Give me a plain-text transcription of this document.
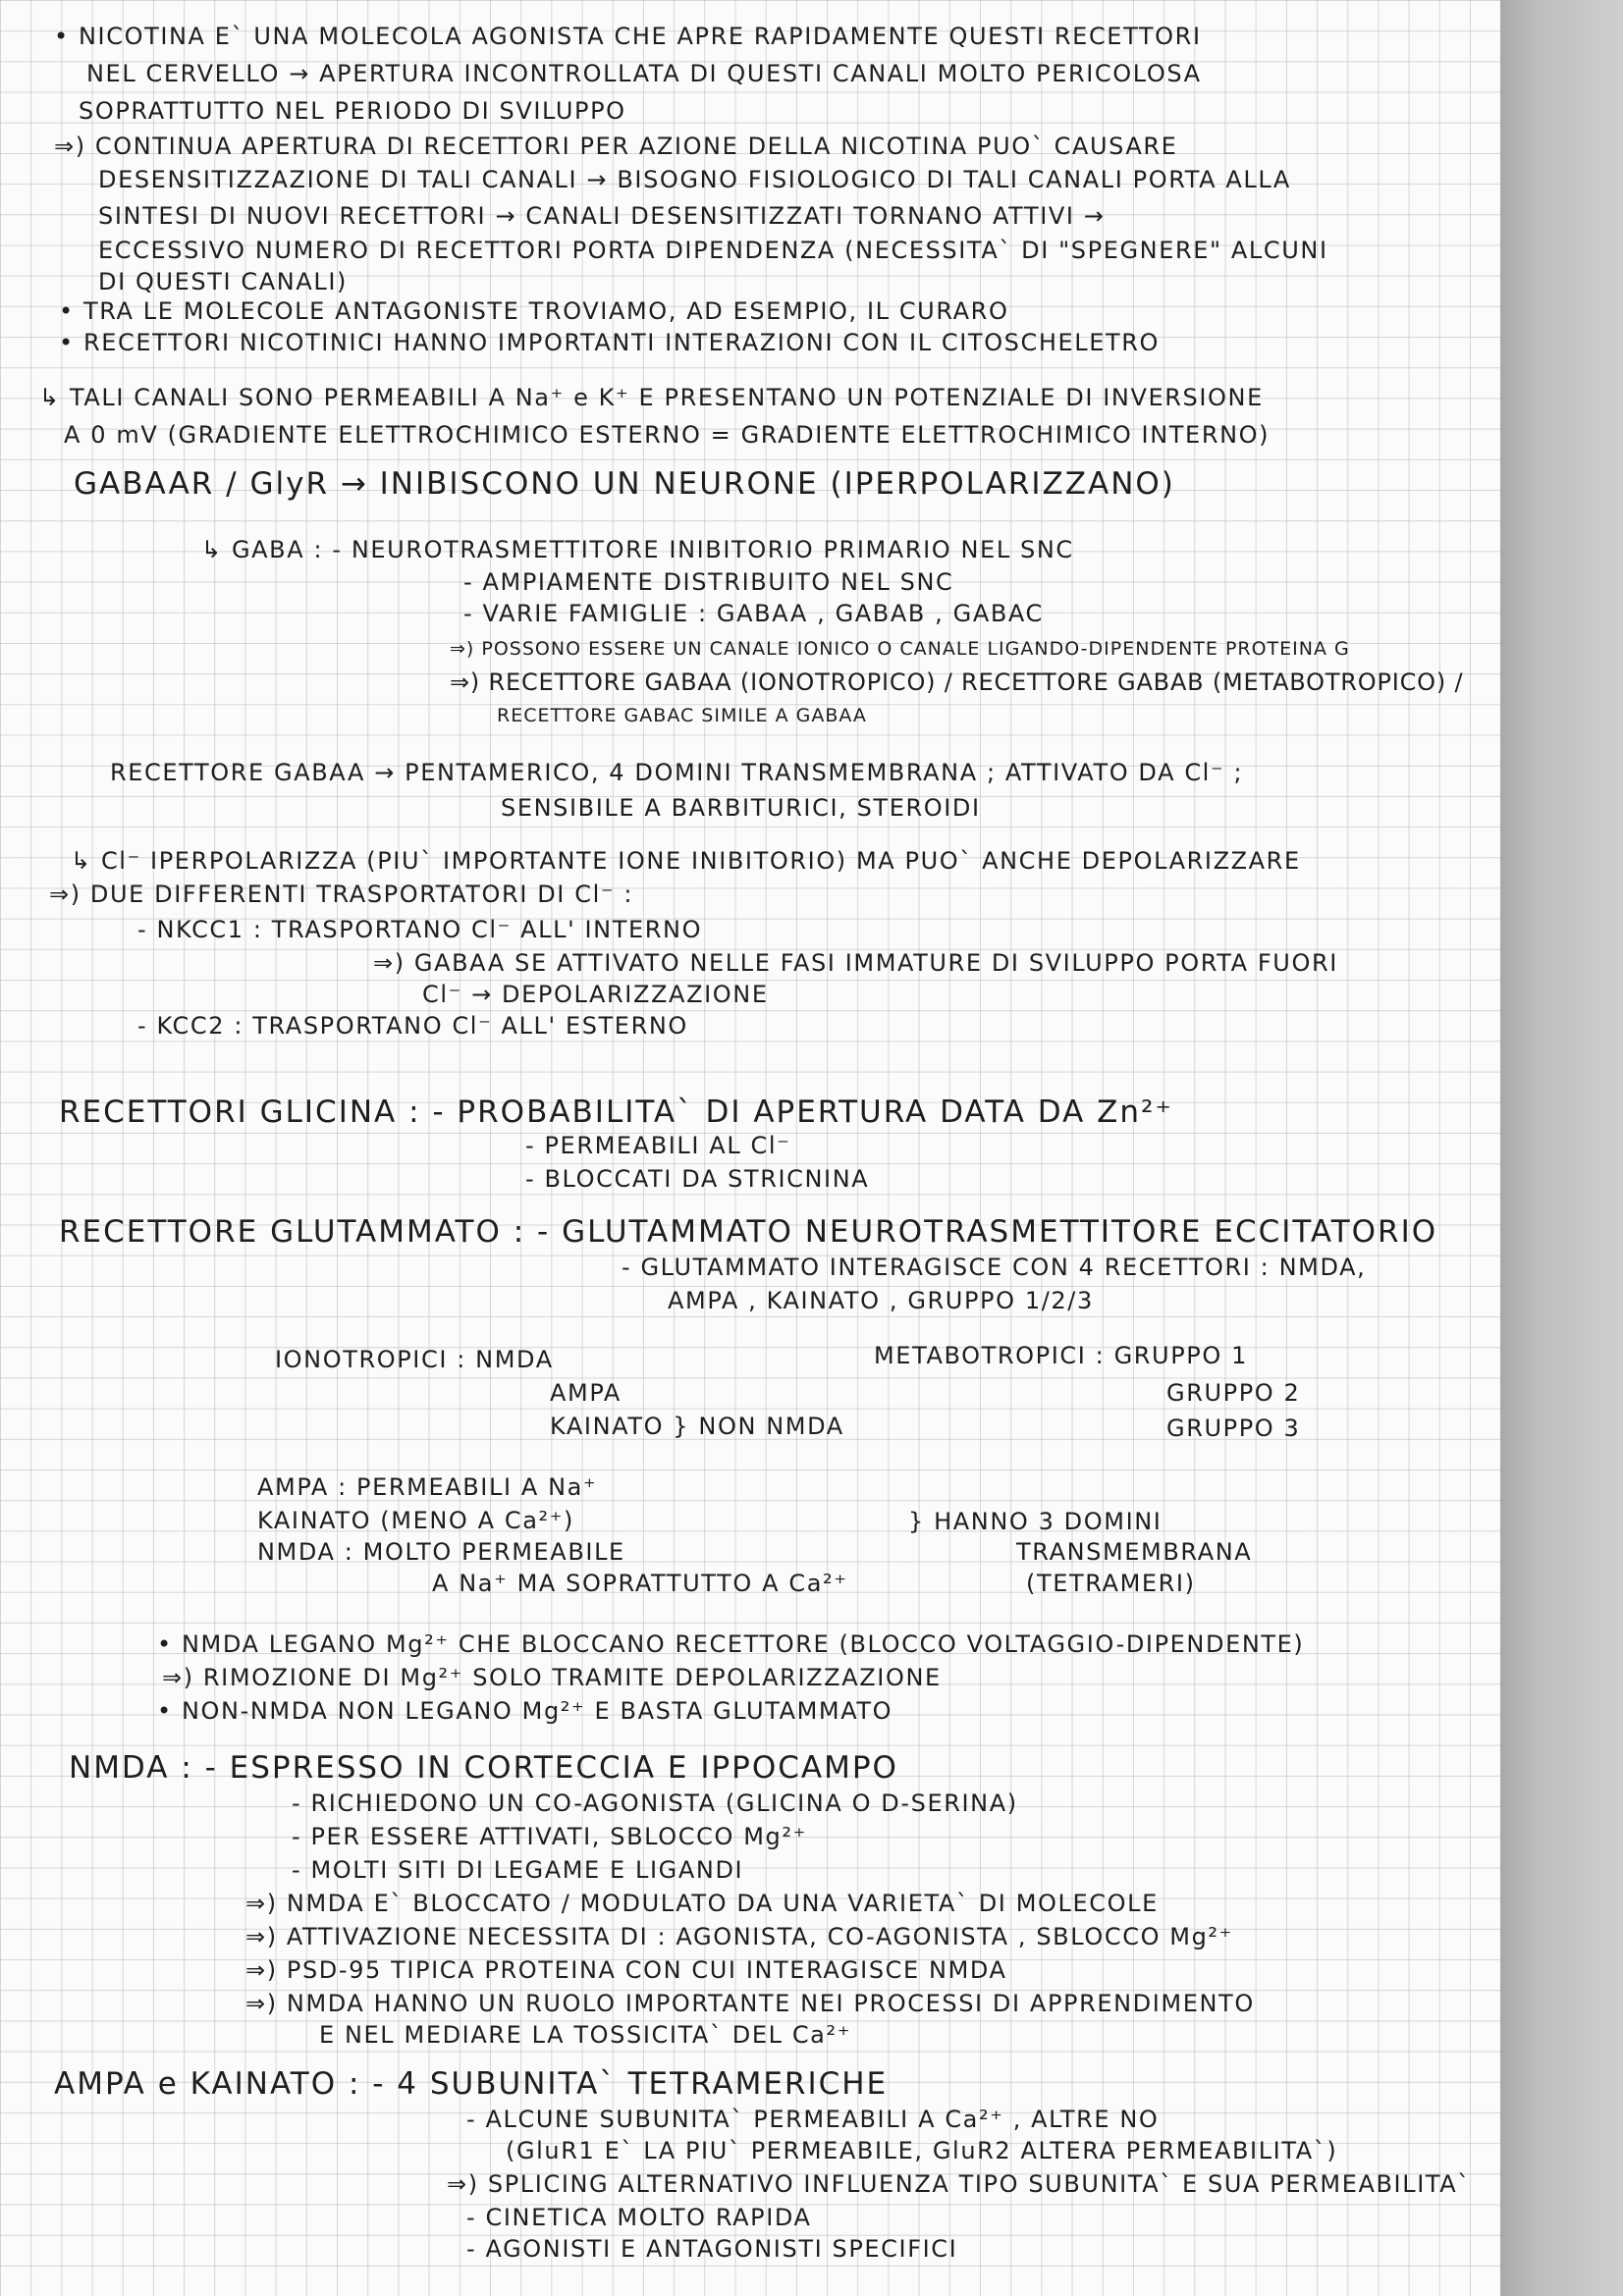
• NICOTINA E` UNA MOLECOLA AGONISTA CHE APRE RAPIDAMENTE QUESTI RECETTORI
NEL CERVELLO → APERTURA INCONTROLLATA DI QUESTI CANALI MOLTO PERICOLOSA
SOPRATTUTTO NEL PERIODO DI SVILUPPO
⇒) CONTINUA APERTURA DI RECETTORI PER AZIONE DELLA NICOTINA PUO` CAUSARE
DESENSITIZZAZIONE DI TALI CANALI → BISOGNO FISIOLOGICO DI TALI CANALI PORTA ALLA
SINTESI DI NUOVI RECETTORI → CANALI DESENSITIZZATI TORNANO ATTIVI →
ECCESSIVO NUMERO DI RECETTORI PORTA DIPENDENZA (NECESSITA` DI "SPEGNERE" ALCUNI
DI QUESTI CANALI)
• TRA LE MOLECOLE ANTAGONISTE TROVIAMO, AD ESEMPIO, IL CURARO
• RECETTORI NICOTINICI HANNO IMPORTANTI INTERAZIONI CON IL CITOSCHELETRO
↳ TALI CANALI SONO PERMEABILI A Na⁺ e K⁺ E PRESENTANO UN POTENZIALE DI INVERSIONE
A 0 mV (GRADIENTE ELETTROCHIMICO ESTERNO = GRADIENTE ELETTROCHIMICO INTERNO)
GABAAR / GlyR → INIBISCONO UN NEURONE (IPERPOLARIZZANO)
↳ GABA : - NEUROTRASMETTITORE INIBITORIO PRIMARIO NEL SNC
- AMPIAMENTE DISTRIBUITO NEL SNC
- VARIE FAMIGLIE : GABAA , GABAB , GABAC
⇒) POSSONO ESSERE UN CANALE IONICO O CANALE LIGANDO-DIPENDENTE PROTEINA G
⇒) RECETTORE GABAA (IONOTROPICO) / RECETTORE GABAB (METABOTROPICO) /
RECETTORE GABAC SIMILE A GABAA
RECETTORE GABAA → PENTAMERICO, 4 DOMINI TRANSMEMBRANA ; ATTIVATO DA Cl⁻ ;
SENSIBILE A BARBITURICI, STEROIDI
↳ Cl⁻ IPERPOLARIZZA (PIU` IMPORTANTE IONE INIBITORIO) MA PUO` ANCHE DEPOLARIZZARE
⇒) DUE DIFFERENTI TRASPORTATORI DI Cl⁻ :
- NKCC1 : TRASPORTANO Cl⁻ ALL' INTERNO
⇒) GABAA SE ATTIVATO NELLE FASI IMMATURE DI SVILUPPO PORTA FUORI
Cl⁻ → DEPOLARIZZAZIONE
- KCC2 : TRASPORTANO Cl⁻ ALL' ESTERNO
RECETTORI GLICINA : - PROBABILITA` DI APERTURA DATA DA Zn²⁺
- PERMEABILI AL Cl⁻
- BLOCCATI DA STRICNINA
RECETTORE GLUTAMMATO : - GLUTAMMATO NEUROTRASMETTITORE ECCITATORIO
- GLUTAMMATO INTERAGISCE CON 4 RECETTORI : NMDA,
AMPA , KAINATO , GRUPPO 1/2/3
IONOTROPICI : NMDA	METABOTROPICI : GRUPPO 1
AMPA	GRUPPO 2
KAINATO } NON NMDA	GRUPPO 3
AMPA : PERMEABILI A Na⁺
KAINATO (MENO A Ca²⁺)
NMDA : MOLTO PERMEABILE
A Na⁺ MA SOPRATTUTTO A Ca²⁺
} HANNO 3 DOMINI
TRANSMEMBRANA
(TETRAMERI)
• NMDA LEGANO Mg²⁺ CHE BLOCCANO RECETTORE (BLOCCO VOLTAGGIO-DIPENDENTE)
⇒) RIMOZIONE DI Mg²⁺ SOLO TRAMITE DEPOLARIZZAZIONE
• NON-NMDA NON LEGANO Mg²⁺ E BASTA GLUTAMMATO
NMDA : - ESPRESSO IN CORTECCIA E IPPOCAMPO
- RICHIEDONO UN CO-AGONISTA (GLICINA O D-SERINA)
- PER ESSERE ATTIVATI, SBLOCCO Mg²⁺
- MOLTI SITI DI LEGAME E LIGANDI
⇒) NMDA E` BLOCCATO / MODULATO DA UNA VARIETA` DI MOLECOLE
⇒) ATTIVAZIONE NECESSITA DI : AGONISTA, CO-AGONISTA , SBLOCCO Mg²⁺
⇒) PSD-95 TIPICA PROTEINA CON CUI INTERAGISCE NMDA
⇒) NMDA HANNO UN RUOLO IMPORTANTE NEI PROCESSI DI APPRENDIMENTO
E NEL MEDIARE LA TOSSICITA` DEL Ca²⁺
AMPA e KAINATO : - 4 SUBUNITA` TETRAMERICHE
- ALCUNE SUBUNITA` PERMEABILI A Ca²⁺ , ALTRE NO
(GluR1 E` LA PIU` PERMEABILE, GluR2 ALTERA PERMEABILITA`)
⇒) SPLICING ALTERNATIVO INFLUENZA TIPO SUBUNITA` E SUA PERMEABILITA`
- CINETICA MOLTO RAPIDA
- AGONISTI E ANTAGONISTI SPECIFICI
